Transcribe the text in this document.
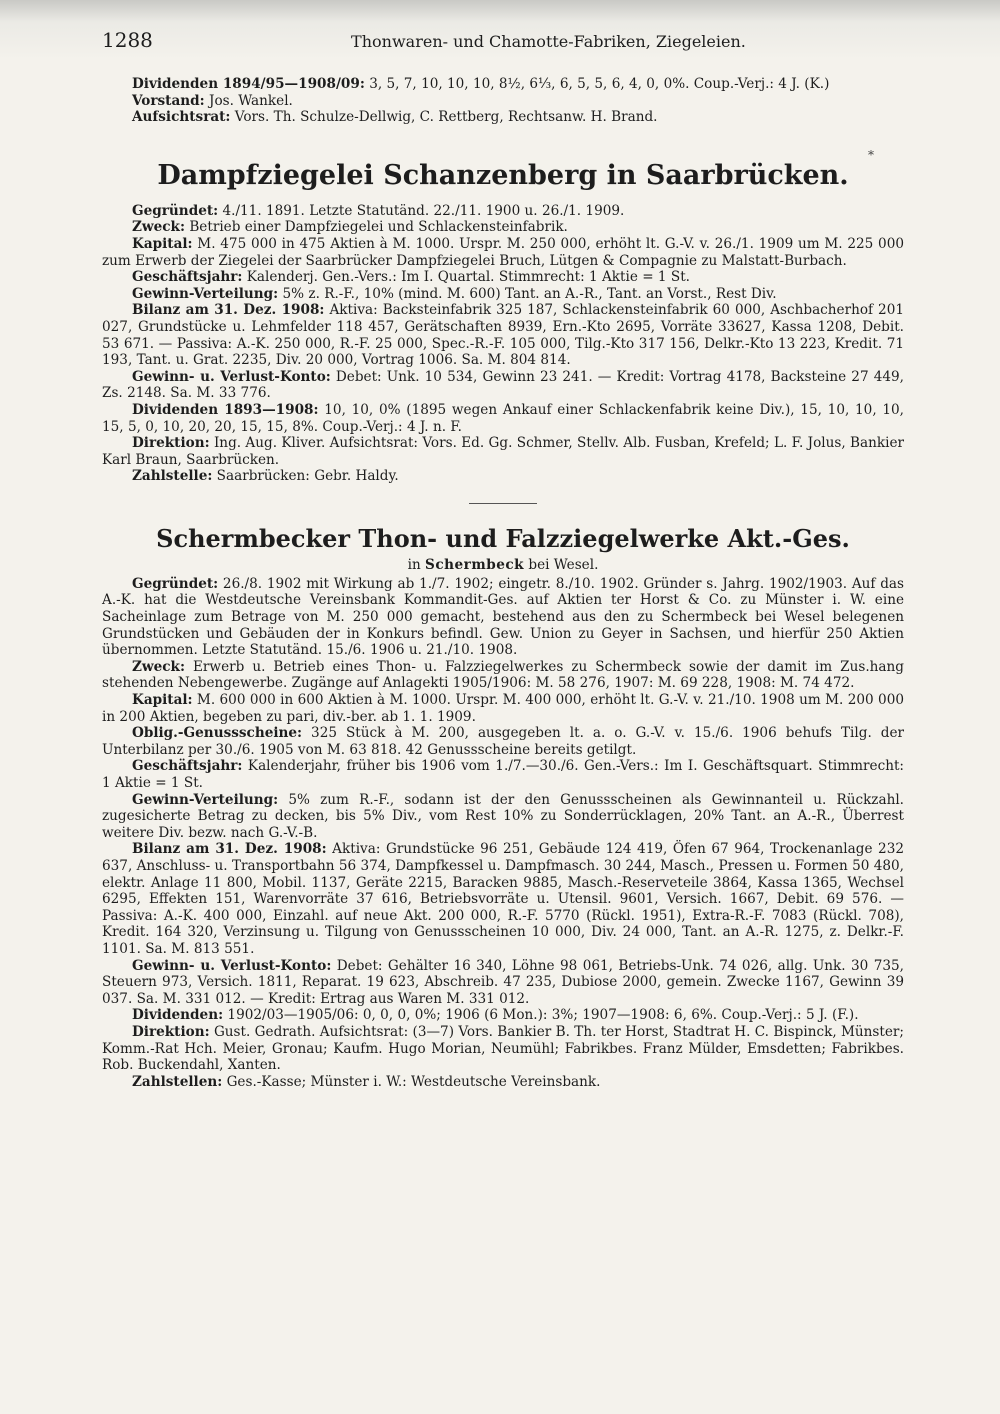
1288	Thonwaren- und Chamotte-Fabriken, Ziegeleien.

Dividenden 1894/95—1908/09: 3, 5, 7, 10, 10, 10, 8½, 6⅓, 6, 5, 5, 6, 4, 0, 0%. Coup.-Verj.: 4 J. (K.)

Vorstand: Jos. Wankel.

Aufsichtsrat: Vors. Th. Schulze-Dellwig, C. Rettberg, Rechtsanw. H. Brand.

*
Dampfziegelei Schanzenberg in Saarbrücken.

Gegründet: 4./11. 1891. Letzte Statutänd. 22./11. 1900 u. 26./1. 1909.

Zweck: Betrieb einer Dampfziegelei und Schlackensteinfabrik.

Kapital: M. 475 000 in 475 Aktien à M. 1000. Urspr. M. 250 000, erhöht lt. G.-V. v. 26./1. 1909 um M. 225 000 zum Erwerb der Ziegelei der Saarbrücker Dampfziegelei Bruch, Lütgen & Compagnie zu Malstatt-Burbach.

Geschäftsjahr: Kalenderj. Gen.-Vers.: Im I. Quartal. Stimmrecht: 1 Aktie = 1 St.

Gewinn-Verteilung: 5% z. R.-F., 10% (mind. M. 600) Tant. an A.-R., Tant. an Vorst., Rest Div.

Bilanz am 31. Dez. 1908: Aktiva: Backsteinfabrik 325 187, Schlackensteinfabrik 60 000, Aschbacherhof 201 027, Grundstücke u. Lehmfelder 118 457, Gerätschaften 8939, Ern.-Kto 2695, Vorräte 33627, Kassa 1208, Debit. 53 671. — Passiva: A.-K. 250 000, R.-F. 25 000, Spec.-R.-F. 105 000, Tilg.-Kto 317 156, Delkr.-Kto 13 223, Kredit. 71 193, Tant. u. Grat. 2235, Div. 20 000, Vortrag 1006. Sa. M. 804 814.

Gewinn- u. Verlust-Konto: Debet: Unk. 10 534, Gewinn 23 241. — Kredit: Vortrag 4178, Backsteine 27 449, Zs. 2148. Sa. M. 33 776.

Dividenden 1893—1908: 10, 10, 0% (1895 wegen Ankauf einer Schlackenfabrik keine Div.), 15, 10, 10, 10, 15, 5, 0, 10, 20, 20, 15, 15, 8%. Coup.-Verj.: 4 J. n. F.

Direktion: Ing. Aug. Kliver. Aufsichtsrat: Vors. Ed. Gg. Schmer, Stellv. Alb. Fusban, Krefeld; L. F. Jolus, Bankier Karl Braun, Saarbrücken.

Zahlstelle: Saarbrücken: Gebr. Haldy.

Schermbecker Thon- und Falzziegelwerke Akt.-Ges.
in Schermbeck bei Wesel.

Gegründet: 26./8. 1902 mit Wirkung ab 1./7. 1902; eingetr. 8./10. 1902. Gründer s. Jahrg. 1902/1903. Auf das A.-K. hat die Westdeutsche Vereinsbank Kommandit-Ges. auf Aktien ter Horst & Co. zu Münster i. W. eine Sacheinlage zum Betrage von M. 250 000 gemacht, bestehend aus den zu Schermbeck bei Wesel belegenen Grundstücken und Gebäuden der in Konkurs befindl. Gew. Union zu Geyer in Sachsen, und hierfür 250 Aktien übernommen. Letzte Statutänd. 15./6. 1906 u. 21./10. 1908.

Zweck: Erwerb u. Betrieb eines Thon- u. Falzziegelwerkes zu Schermbeck sowie der damit im Zus.hang stehenden Nebengewerbe. Zugänge auf Anlagekti 1905/1906: M. 58 276, 1907: M. 69 228, 1908: M. 74 472.

Kapital: M. 600 000 in 600 Aktien à M. 1000. Urspr. M. 400 000, erhöht lt. G.-V. v. 21./10. 1908 um M. 200 000 in 200 Aktien, begeben zu pari, div.-ber. ab 1. 1. 1909.

Oblig.-Genussscheine: 325 Stück à M. 200, ausgegeben lt. a. o. G.-V. v. 15./6. 1906 behufs Tilg. der Unterbilanz per 30./6. 1905 von M. 63 818. 42 Genussscheine bereits getilgt.

Geschäftsjahr: Kalenderjahr, früher bis 1906 vom 1./7.—30./6. Gen.-Vers.: Im I. Geschäftsquart. Stimmrecht: 1 Aktie = 1 St.

Gewinn-Verteilung: 5% zum R.-F., sodann ist der den Genussscheinen als Gewinnanteil u. Rückzahl. zugesicherte Betrag zu decken, bis 5% Div., vom Rest 10% zu Sonderrücklagen, 20% Tant. an A.-R., Überrest weitere Div. bezw. nach G.-V.-B.

Bilanz am 31. Dez. 1908: Aktiva: Grundstücke 96 251, Gebäude 124 419, Öfen 67 964, Trockenanlage 232 637, Anschluss- u. Transportbahn 56 374, Dampfkessel u. Dampfmasch. 30 244, Masch., Pressen u. Formen 50 480, elektr. Anlage 11 800, Mobil. 1137, Geräte 2215, Baracken 9885, Masch.-Reserveteile 3864, Kassa 1365, Wechsel 6295, Effekten 151, Warenvorräte 37 616, Betriebsvorräte u. Utensil. 9601, Versich. 1667, Debit. 69 576. — Passiva: A.-K. 400 000, Einzahl. auf neue Akt. 200 000, R.-F. 5770 (Rückl. 1951), Extra-R.-F. 7083 (Rückl. 708), Kredit. 164 320, Verzinsung u. Tilgung von Genussscheinen 10 000, Div. 24 000, Tant. an A.-R. 1275, z. Delkr.-F. 1101. Sa. M. 813 551.

Gewinn- u. Verlust-Konto: Debet: Gehälter 16 340, Löhne 98 061, Betriebs-Unk. 74 026, allg. Unk. 30 735, Steuern 973, Versich. 1811, Reparat. 19 623, Abschreib. 47 235, Dubiose 2000, gemein. Zwecke 1167, Gewinn 39 037. Sa. M. 331 012. — Kredit: Ertrag aus Waren M. 331 012.

Dividenden: 1902/03—1905/06: 0, 0, 0, 0%; 1906 (6 Mon.): 3%; 1907—1908: 6, 6%. Coup.-Verj.: 5 J. (F.).

Direktion: Gust. Gedrath. Aufsichtsrat: (3—7) Vors. Bankier B. Th. ter Horst, Stadtrat H. C. Bispinck, Münster; Komm.-Rat Hch. Meier, Gronau; Kaufm. Hugo Morian, Neumühl; Fabrikbes. Franz Mülder, Emsdetten; Fabrikbes. Rob. Buckendahl, Xanten.

Zahlstellen: Ges.-Kasse; Münster i. W.: Westdeutsche Vereinsbank.
